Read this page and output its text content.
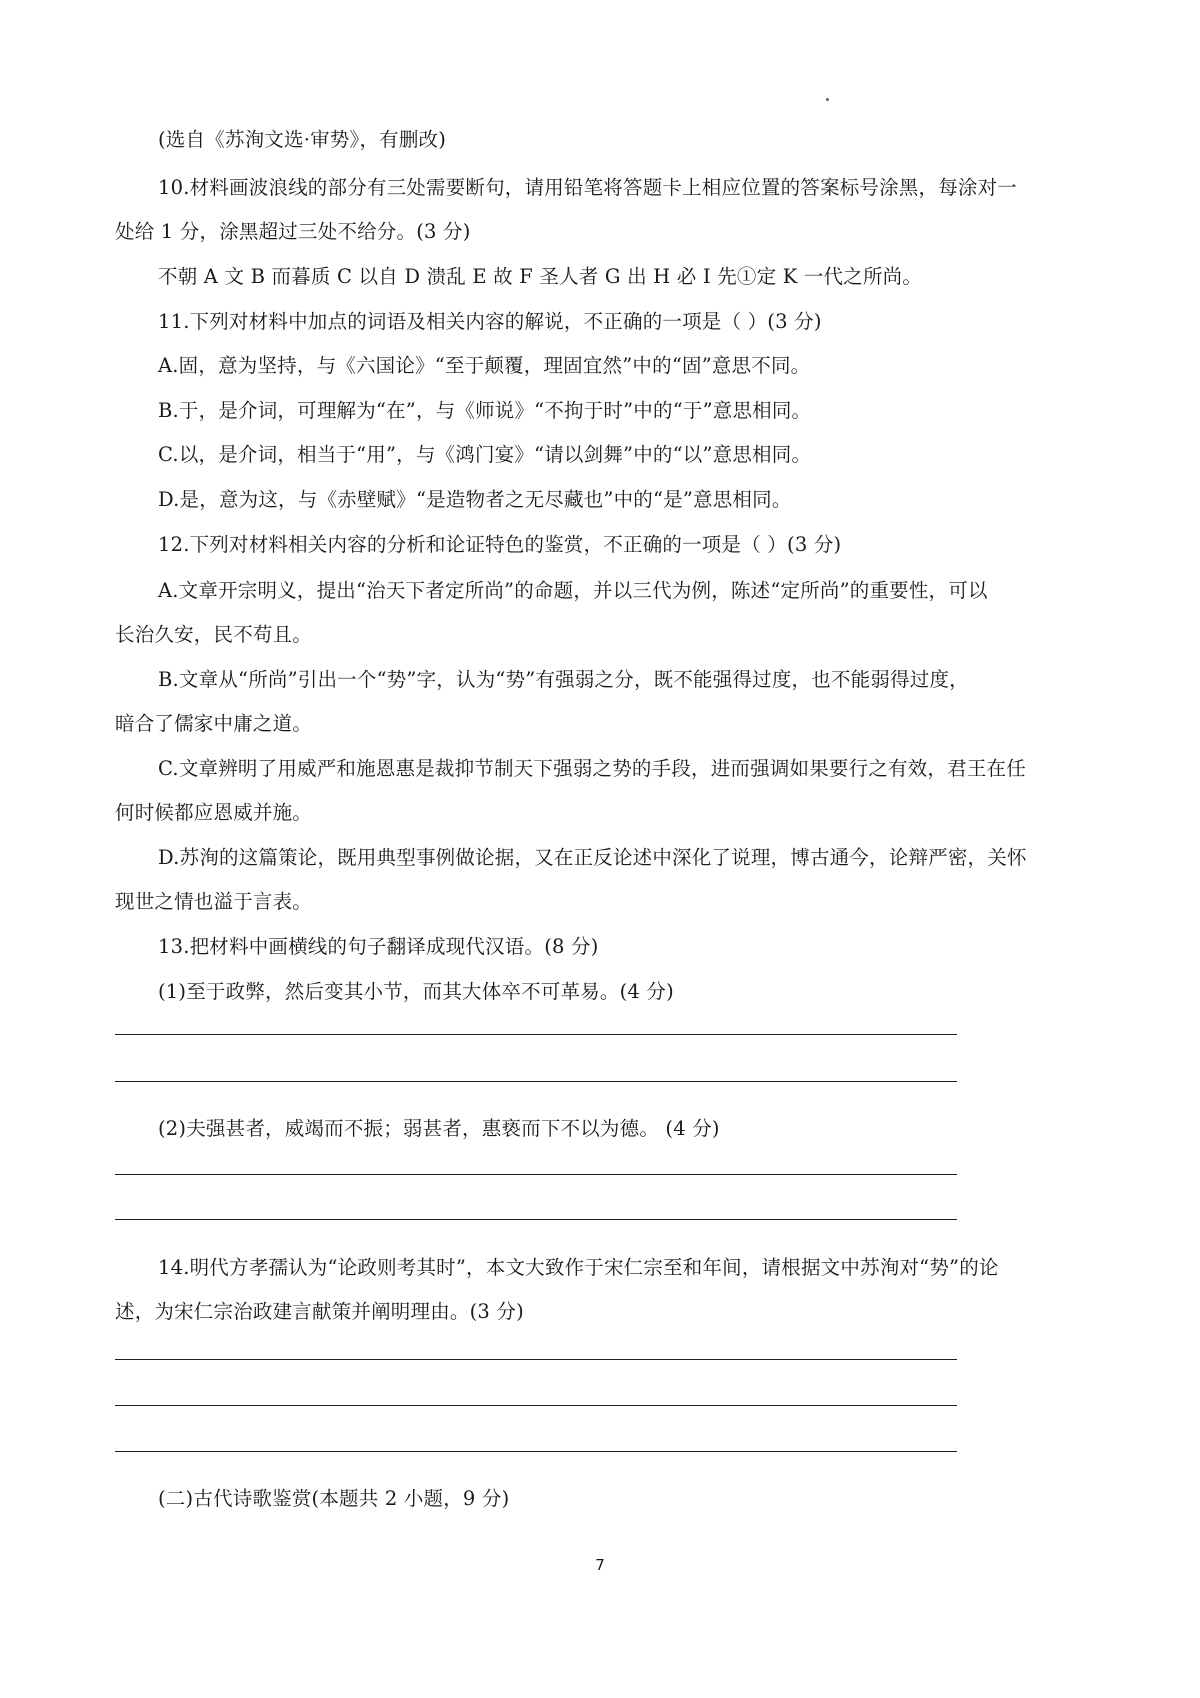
(选自《苏洵文选·审势》，有删改)
10.材料画波浪线的部分有三处需要断句，请用铅笔将答题卡上相应位置的答案标号涂黑，每涂对一
处给 1 分，涂黑超过三处不给分。(3 分)
不朝 A 文 B 而暮质 C 以自 D 溃乱 E 故 F 圣人者 G 出 H 必 I 先①定 K 一代之所尚。
11.下列对材料中加点的词语及相关内容的解说，不正确的一项是（ ）(3 分)
A.固，意为坚持，与《六国论》“至于颠覆，理固宜然”中的“固”意思不同。
B.于，是介词，可理解为“在”，与《师说》“不拘于时”中的“于”意思相同。
C.以，是介词，相当于“用”，与《鸿门宴》“请以剑舞”中的“以”意思相同。
D.是，意为这，与《赤壁赋》“是造物者之无尽藏也”中的“是”意思相同。
12.下列对材料相关内容的分析和论证特色的鉴赏，不正确的一项是（ ）(3 分)
A.文章开宗明义，提出“治天下者定所尚”的命题，并以三代为例，陈述“定所尚”的重要性，可以
长治久安，民不苟且。
B.文章从“所尚”引出一个“势”字，认为“势”有强弱之分，既不能强得过度，也不能弱得过度，
暗合了儒家中庸之道。
C.文章辨明了用威严和施恩惠是裁抑节制天下强弱之势的手段，进而强调如果要行之有效，君王在任
何时候都应恩威并施。
D.苏洵的这篇策论，既用典型事例做论据，又在正反论述中深化了说理，博古通今，论辩严密，关怀
现世之情也溢于言表。
13.把材料中画横线的句子翻译成现代汉语。(8 分)
(1)至于政弊，然后变其小节，而其大体卒不可革易。(4 分)
(2)夫强甚者，威竭而不振；弱甚者，惠亵而下不以为德。 (4 分)
14.明代方孝孺认为“论政则考其时”，本文大致作于宋仁宗至和年间，请根据文中苏洵对“势”的论
述，为宋仁宗治政建言献策并阐明理由。(3 分)
(二)古代诗歌鉴赏(本题共 2 小题，9 分)
7
